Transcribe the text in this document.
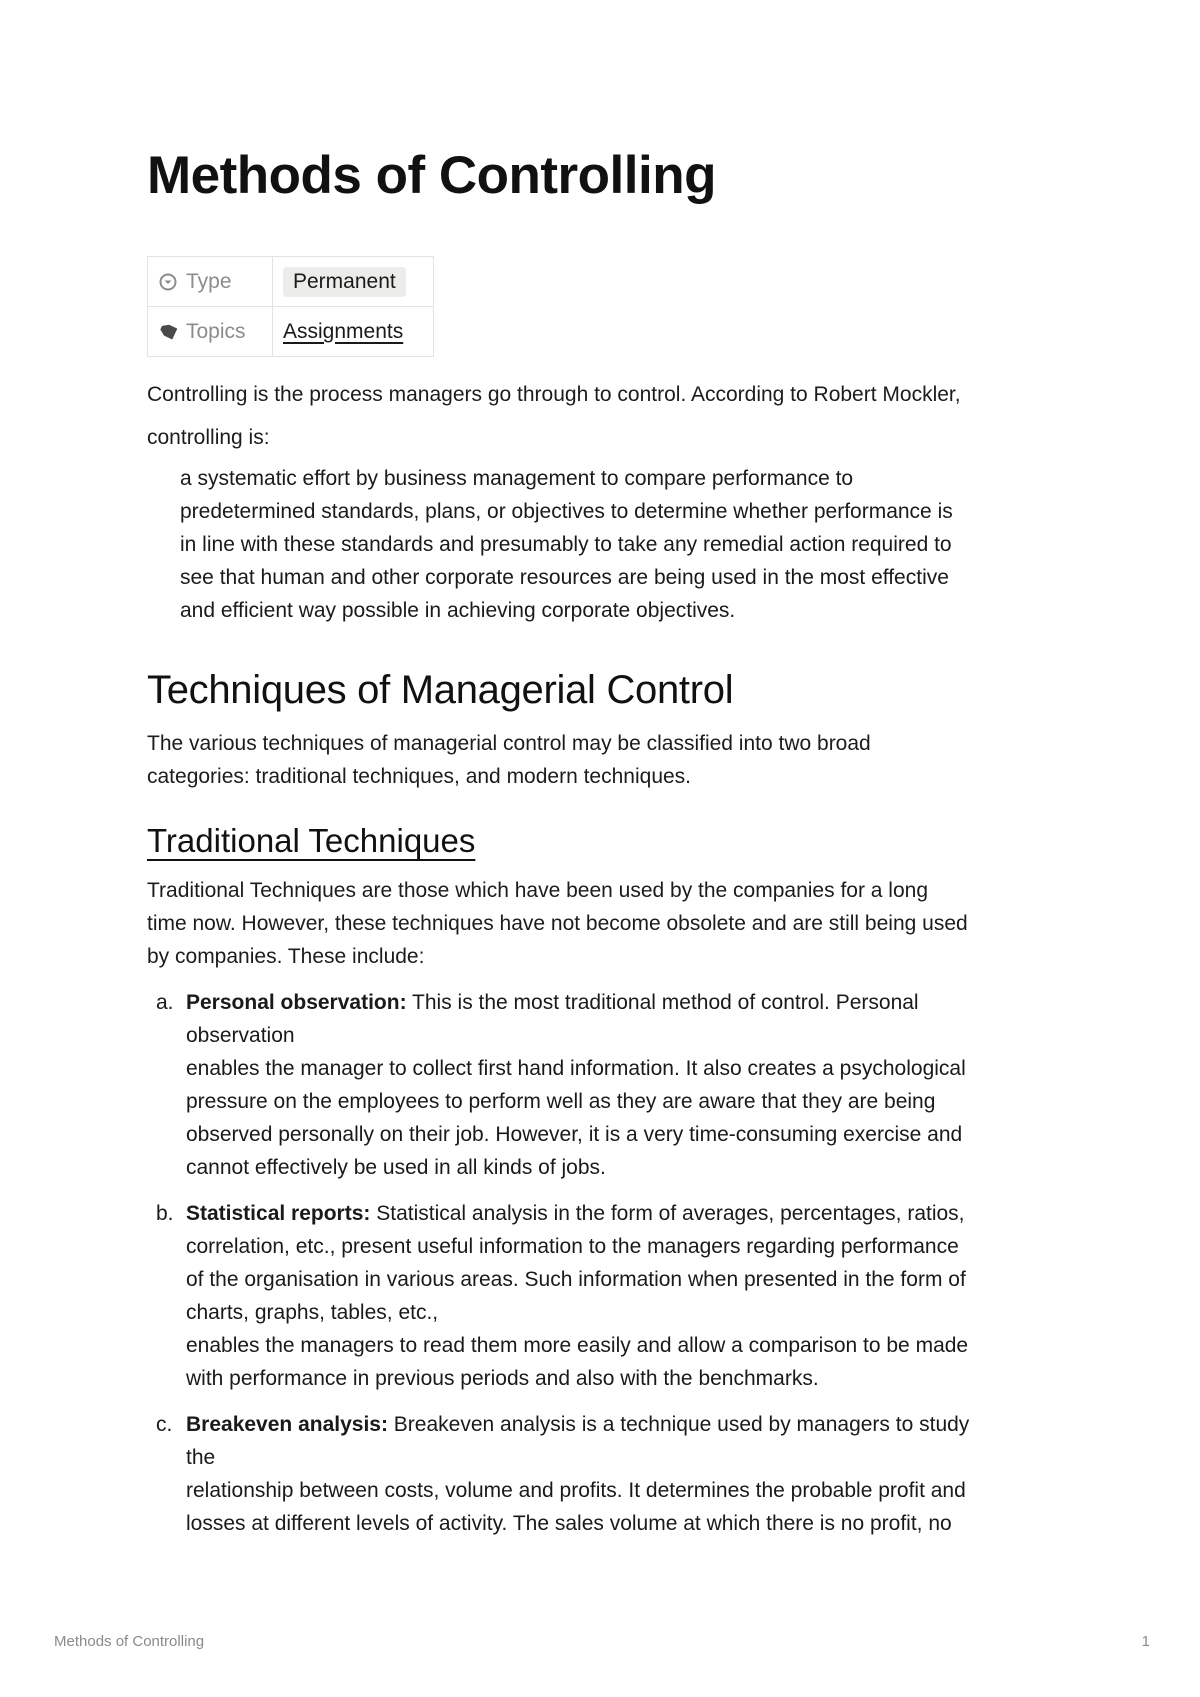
Methods of Controlling
Type	Permanent
Topics	Assignments
Controlling is the process managers go through to control. According to Robert Mockler,
controlling is:
a systematic effort by business management to compare performance to
predetermined standards, plans, or objectives to determine whether performance is
in line with these standards and presumably to take any remedial action required to
see that human and other corporate resources are being used in the most effective
and efficient way possible in achieving corporate objectives.
Techniques of Managerial Control
The various techniques of managerial control may be classified into two broad
categories: traditional techniques, and modern techniques.
Traditional Techniques
Traditional Techniques are those which have been used by the companies for a long
time now. However, these techniques have not become obsolete and are still being used
by companies. These include:
a. Personal observation: This is the most traditional method of control. Personal
observation
enables the manager to collect first hand information. It also creates a psychological
pressure on the employees to perform well as they are aware that they are being
observed personally on their job. However, it is a very time-consuming exercise and
cannot effectively be used in all kinds of jobs.
b. Statistical reports: Statistical analysis in the form of averages, percentages, ratios,
correlation, etc., present useful information to the managers regarding performance
of the organisation in various areas. Such information when presented in the form of
charts, graphs, tables, etc.,
enables the managers to read them more easily and allow a comparison to be made
with performance in previous periods and also with the benchmarks.
c. Breakeven analysis: Breakeven analysis is a technique used by managers to study
the
relationship between costs, volume and profits. It determines the probable profit and
losses at different levels of activity. The sales volume at which there is no profit, no
Methods of Controlling	1
